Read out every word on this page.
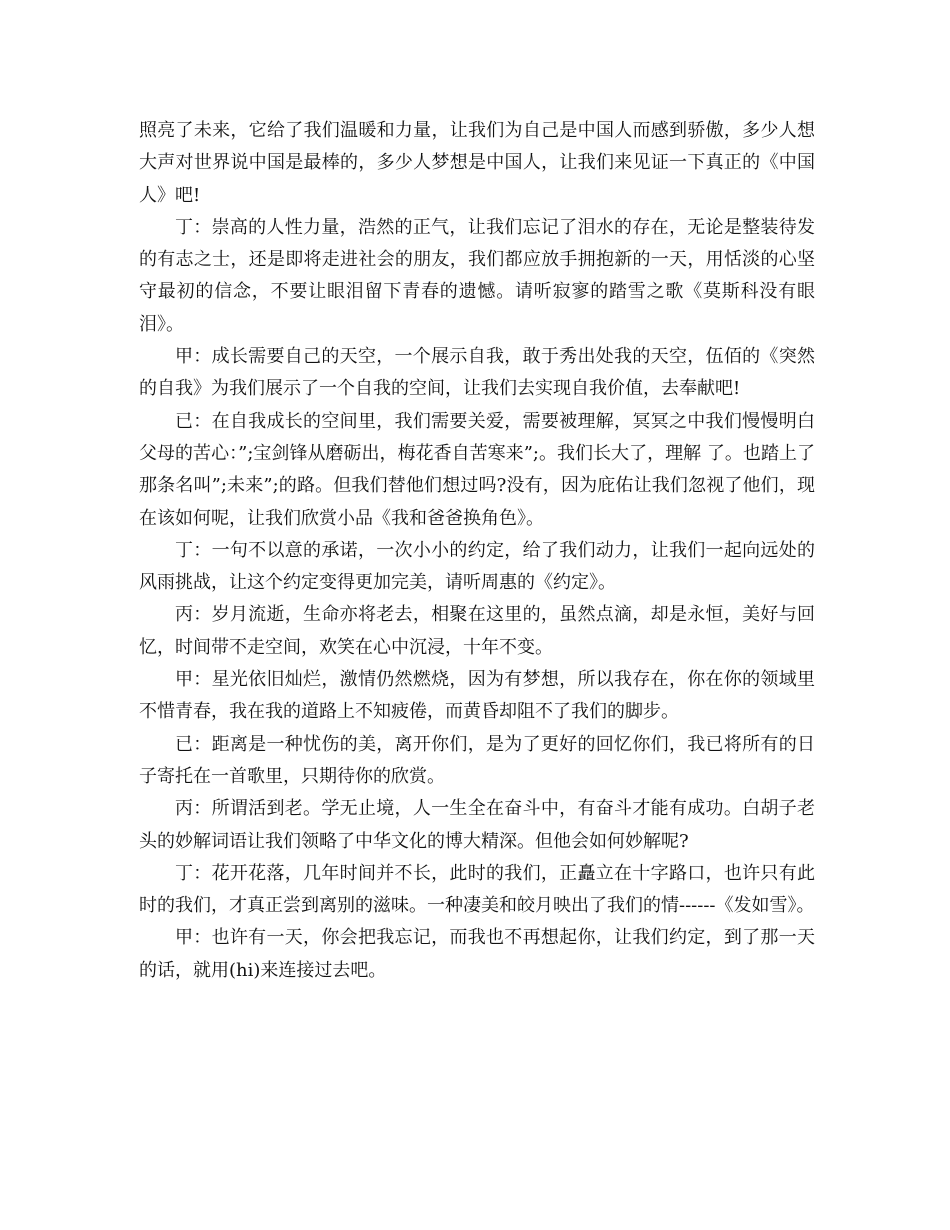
照亮了未来，它给了我们温暖和力量，让我们为自己是中国人而感到骄傲，多少人想大声对世界说中国是最棒的，多少人梦想是中国人，让我们来见证一下真正的《中国人》吧!

丁：崇高的人性力量，浩然的正气，让我们忘记了泪水的存在，无论是整装待发的有志之士，还是即将走进社会的朋友，我们都应放手拥抱新的一天，用恬淡的心坚守最初的信念，不要让眼泪留下青春的遗憾。请听寂寥的踏雪之歌《莫斯科没有眼泪》。

甲：成长需要自己的天空，一个展示自我，敢于秀出处我的天空，伍佰的《突然的自我》为我们展示了一个自我的空间，让我们去实现自我价值，去奉献吧!

已：在自我成长的空间里，我们需要关爱，需要被理解，冥冥之中我们慢慢明白父母的苦心：”;宝剑锋从磨砺出，梅花香自苦寒来”;。我们长大了，理解 了。也踏上了那条名叫”;未来”;的路。但我们替他们想过吗?没有，因为庇佑让我们忽视了他们，现在该如何呢，让我们欣赏小品《我和爸爸换角色》。

丁：一句不以意的承诺，一次小小的约定，给了我们动力，让我们一起向远处的风雨挑战，让这个约定变得更加完美，请听周惠的《约定》。

丙：岁月流逝，生命亦将老去，相聚在这里的，虽然点滴，却是永恒，美好与回忆，时间带不走空间，欢笑在心中沉浸，十年不变。

甲：星光依旧灿烂，激情仍然燃烧，因为有梦想，所以我存在，你在你的领域里不惜青春，我在我的道路上不知疲倦，而黄昏却阻不了我们的脚步。

已：距离是一种忧伤的美，离开你们，是为了更好的回忆你们，我已将所有的日子寄托在一首歌里，只期待你的欣赏。

丙：所谓活到老。学无止境，人一生全在奋斗中，有奋斗才能有成功。白胡子老头的妙解词语让我们领略了中华文化的博大精深。但他会如何妙解呢?

丁：花开花落，几年时间并不长，此时的我们，正矗立在十字路口，也许只有此时的我们，才真正尝到离别的滋味。一种凄美和皎月映出了我们的情------《发如雪》。

甲：也许有一天，你会把我忘记，而我也不再想起你，让我们约定，到了那一天的话，就用(hi)来连接过去吧。
